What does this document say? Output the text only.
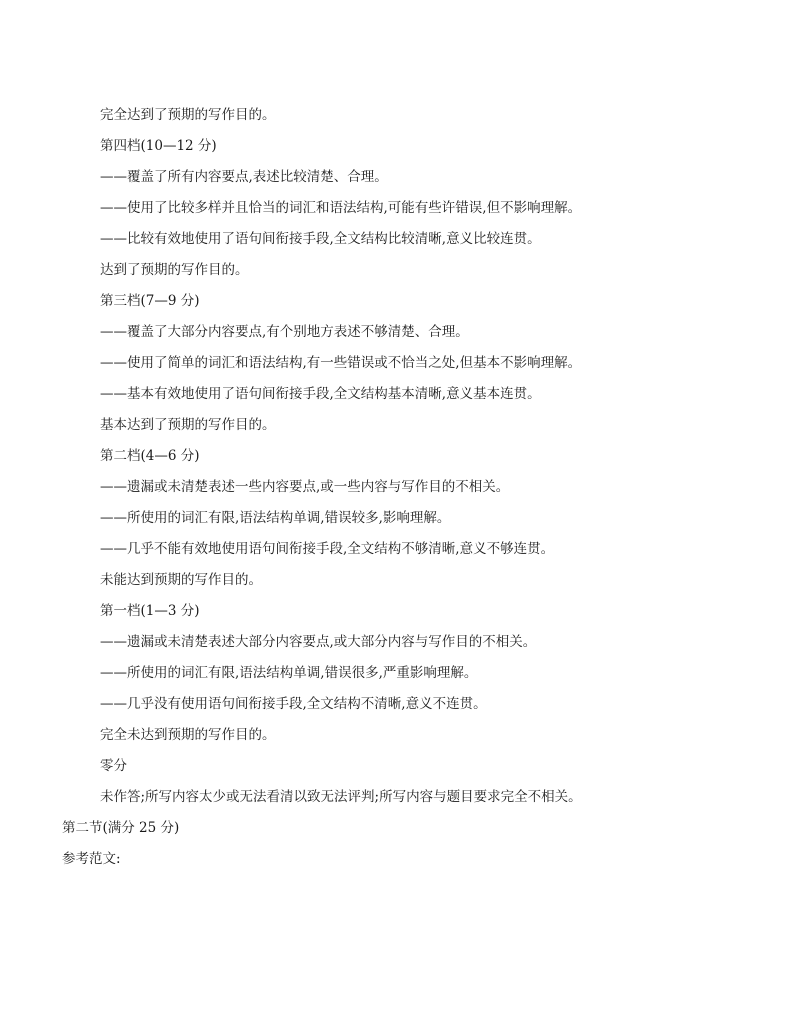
完全达到了预期的写作目的。
第四档(10—12 分)
——覆盖了所有内容要点,表述比较清楚、合理。
——使用了比较多样并且恰当的词汇和语法结构,可能有些许错误,但不影响理解。
——比较有效地使用了语句间衔接手段,全文结构比较清晰,意义比较连贯。
达到了预期的写作目的。
第三档(7—9 分)
——覆盖了大部分内容要点,有个别地方表述不够清楚、合理。
——使用了简单的词汇和语法结构,有一些错误或不恰当之处,但基本不影响理解。
——基本有效地使用了语句间衔接手段,全文结构基本清晰,意义基本连贯。
基本达到了预期的写作目的。
第二档(4—6 分)
——遗漏或未清楚表述一些内容要点,或一些内容与写作目的不相关。
——所使用的词汇有限,语法结构单调,错误较多,影响理解。
——几乎不能有效地使用语句间衔接手段,全文结构不够清晰,意义不够连贯。
未能达到预期的写作目的。
第一档(1—3 分)
——遗漏或未清楚表述大部分内容要点,或大部分内容与写作目的不相关。
——所使用的词汇有限,语法结构单调,错误很多,严重影响理解。
——几乎没有使用语句间衔接手段,全文结构不清晰,意义不连贯。
完全未达到预期的写作目的。
零分
未作答;所写内容太少或无法看清以致无法评判;所写内容与题目要求完全不相关。
第二节(满分 25 分)
参考范文:
